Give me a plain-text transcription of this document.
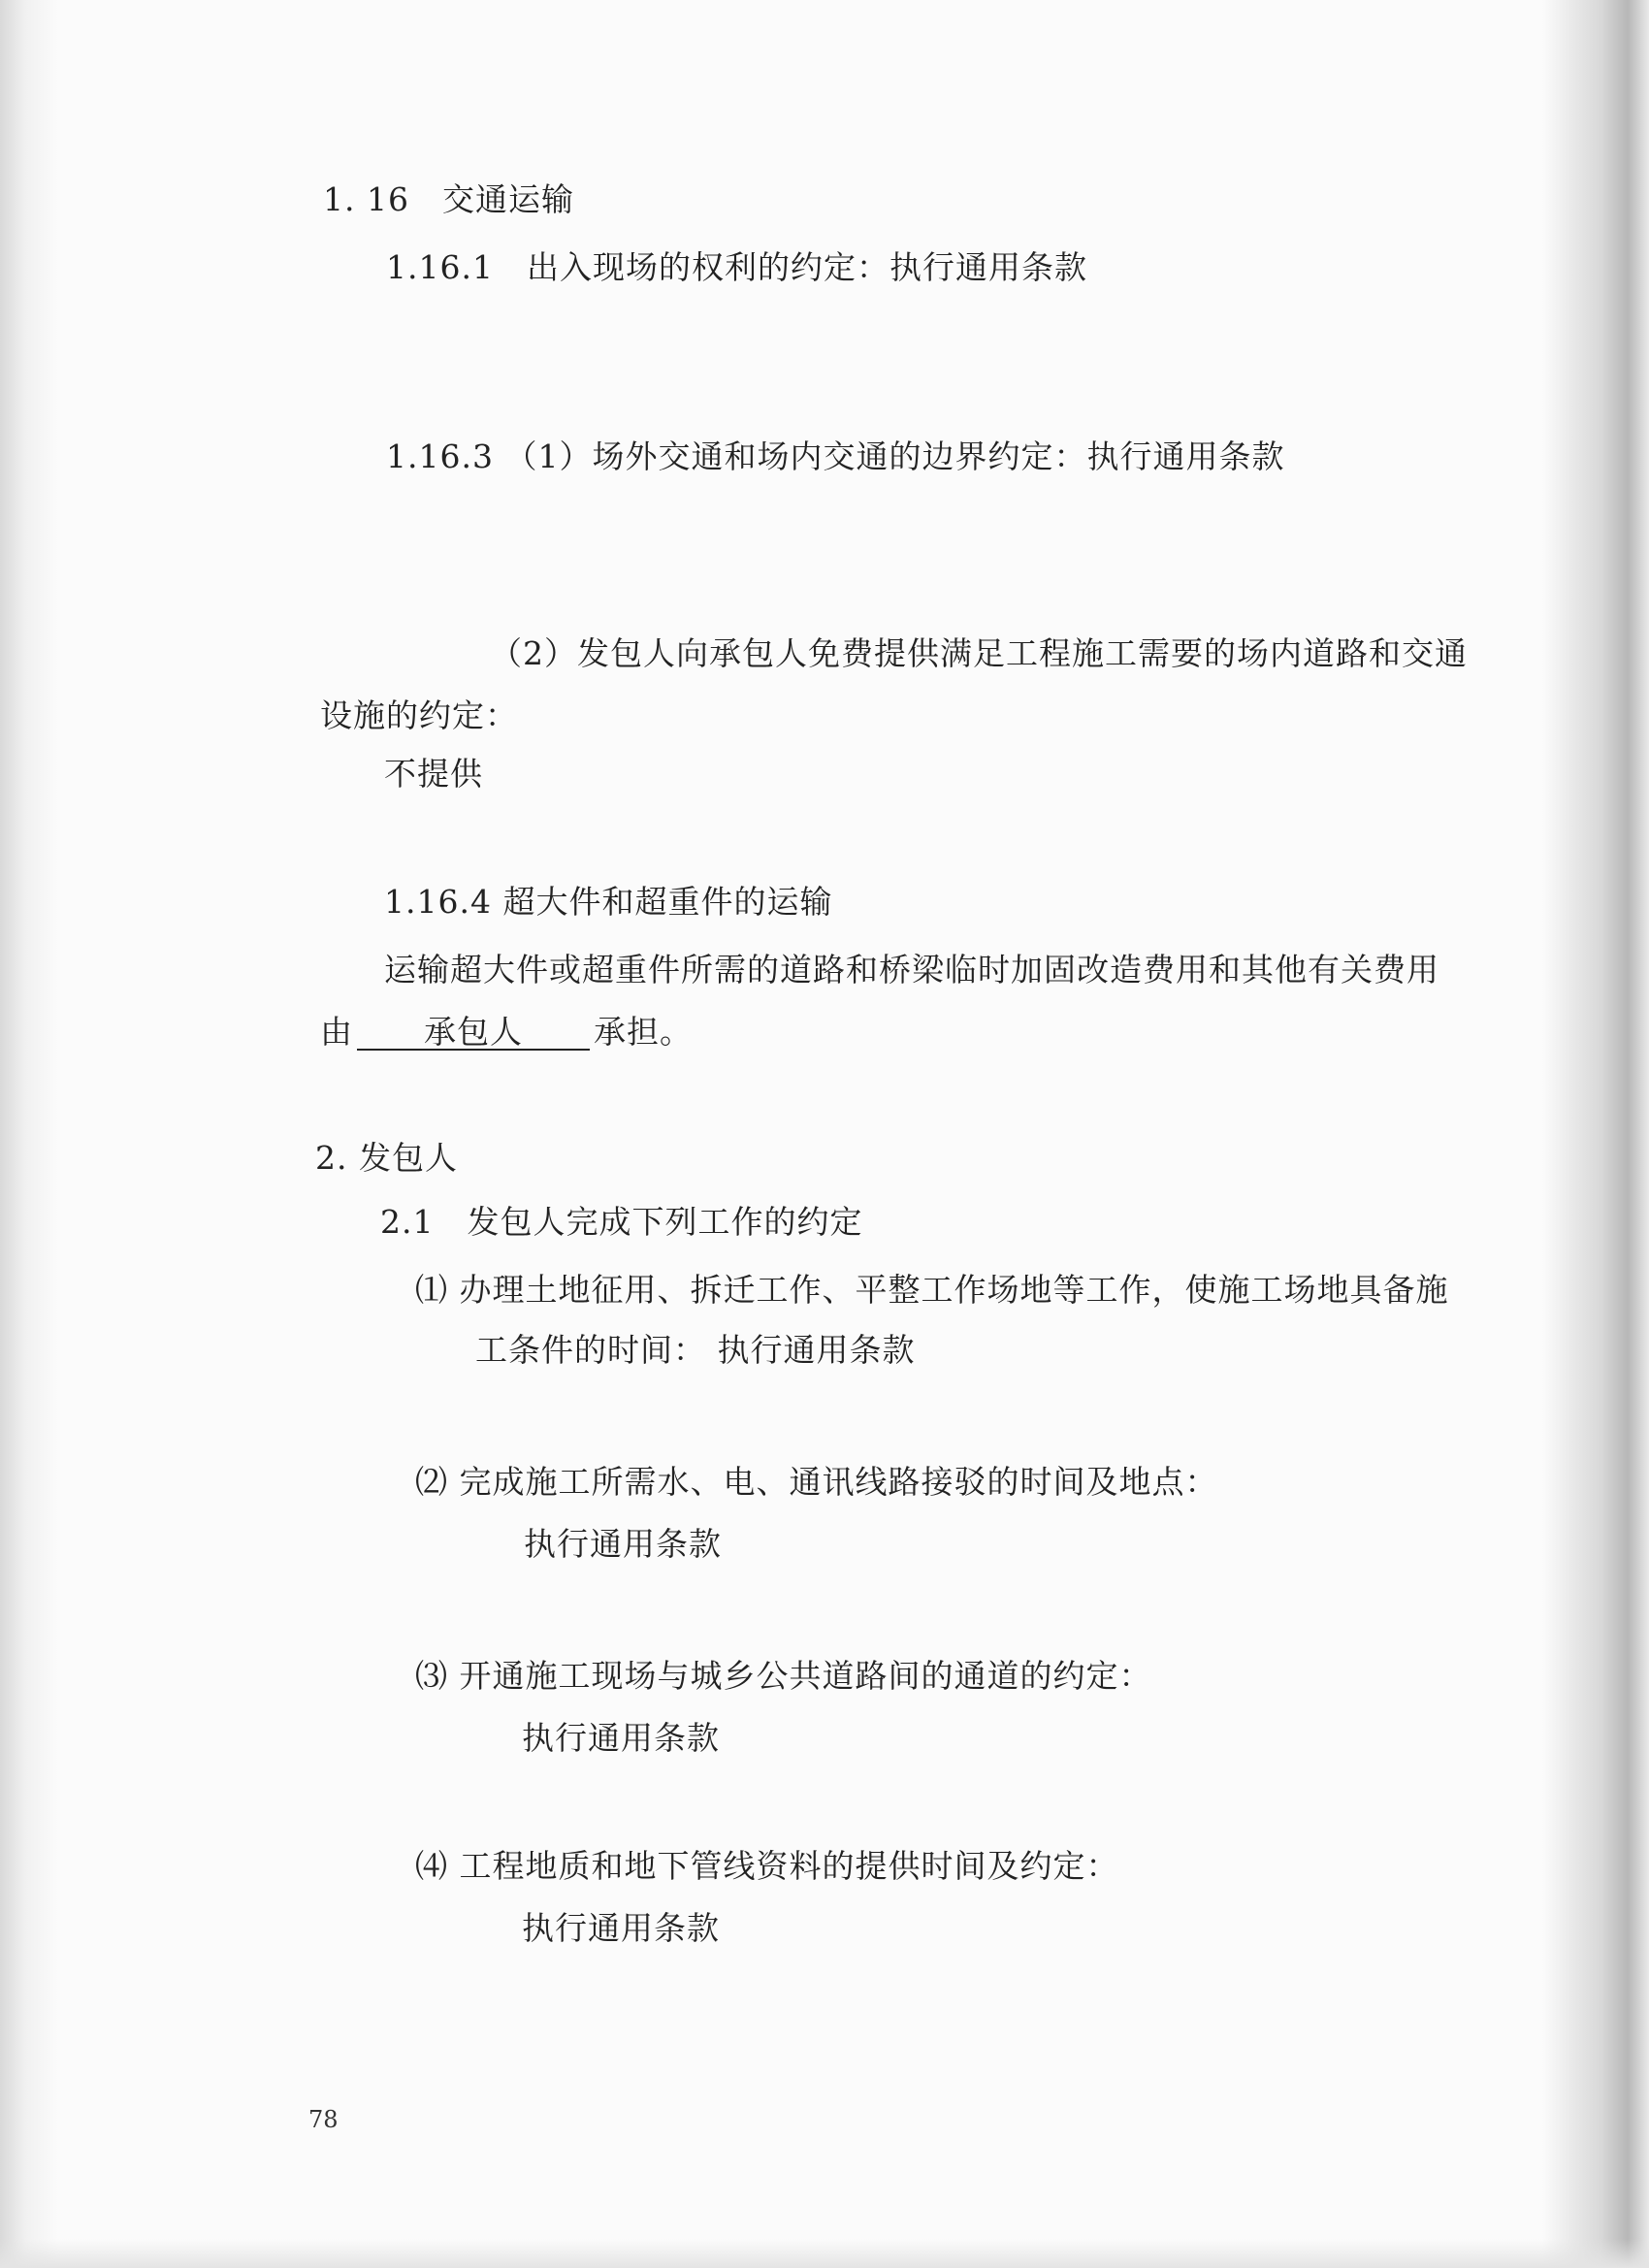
1. 16　交通运输
1.16.1　出入现场的权利的约定：执行通用条款
1.16.3 （1）场外交通和场内交通的边界约定：执行通用条款
（2）发包人向承包人免费提供满足工程施工需要的场内道路和交通
设施的约定：
不提供
1.16.4 超大件和超重件的运输
运输超大件或超重件所需的道路和桥梁临时加固改造费用和其他有关费用
由 承包人 承担。
2. 发包人
2.1　发包人完成下列工作的约定
⑴ 办理土地征用、拆迁工作、平整工作场地等工作，使施工场地具备施
工条件的时间： 执行通用条款
⑵ 完成施工所需水、电、通讯线路接驳的时间及地点：
执行通用条款
⑶ 开通施工现场与城乡公共道路间的通道的约定：
执行通用条款
⑷ 工程地质和地下管线资料的提供时间及约定：
执行通用条款
78
